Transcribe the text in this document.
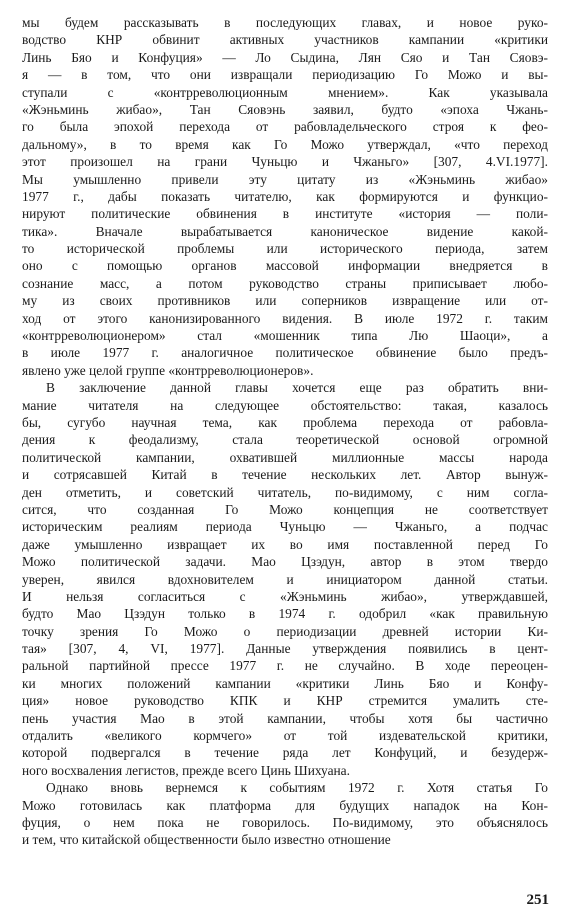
мы будем рассказывать в последующих главах, и новое руко-
водство КНР обвинит активных участников кампании «критики
Линь Бяо и Конфуция» — Ло Сыдина, Лян Сяо и Тан Сяовэ-
я — в том, что они извращали периодизацию Го Можо и вы-
ступали с «контрреволюционным мнением». Как указывала
«Жэньминь жибао», Тан Сяовэнь заявил, будто «эпоха Чжань-
го была эпохой перехода от рабовладельческого строя к фео-
дальному», в то время как Го Можо утверждал, «что переход
этот произошел на грани Чуньцю и Чжаньго» [307, 4.VI.1977].
Мы умышленно привели эту цитату из «Жэньминь жибао»
1977 г., дабы показать читателю, как формируются и функцио-
нируют политические обвинения в институте «история — поли-
тика». Вначале вырабатывается каноническое видение какой-
то исторической проблемы или исторического периода, затем
оно с помощью органов массовой информации внедряется в
сознание масс, а потом руководство страны приписывает любо-
му из своих противников или соперников извращение или от-
ход от этого канонизированного видения. В июле 1972 г. таким
«контрреволюционером» стал «мошенник типа Лю Шаоци», а
в июле 1977 г. аналогичное политическое обвинение было предъ-
явлено уже целой группе «контрреволюционеров».
В заключение данной главы хочется еще раз обратить вни-
мание читателя на следующее обстоятельство: такая, казалось
бы, сугубо научная тема, как проблема перехода от рабовла-
дения к феодализму, стала теоретической основой огромной
политической кампании, охватившей миллионные массы народа
и сотрясавшей Китай в течение нескольких лет. Автор вынуж-
ден отметить, и советский читатель, по-видимому, с ним согла-
сится, что созданная Го Можо концепция не соответствует
историческим реалиям периода Чуньцю — Чжаньго, а подчас
даже умышленно извращает их во имя поставленной перед Го
Можо политической задачи. Мао Цзэдун, автор в этом твердо
уверен, явился вдохновителем и инициатором данной статьи.
И нельзя согласиться с «Жэньминь жибао», утверждавшей,
будто Мао Цзэдун только в 1974 г. одобрил «как правильную
точку зрения Го Можо о периодизации древней истории Ки-
тая» [307, 4, VI, 1977]. Данные утверждения появились в цент-
ральной партийной прессе 1977 г. не случайно. В ходе переоцен-
ки многих положений кампании «критики Линь Бяо и Конфу-
ция» новое руководство КПК и КНР стремится умалить сте-
пень участия Мао в этой кампании, чтобы хотя бы частично
отдалить «великого кормчего» от той издевательской критики,
которой подвергался в течение ряда лет Конфуций, и безудерж-
ного восхваления легистов, прежде всего Цинь Шихуана.
Однако вновь вернемся к событиям 1972 г. Хотя статья Го
Можо готовилась как платформа для будущих нападок на Кон-
фуция, о нем пока не говорилось. По-видимому, это объяснялось
и тем, что китайской общественности было известно отношение
251
